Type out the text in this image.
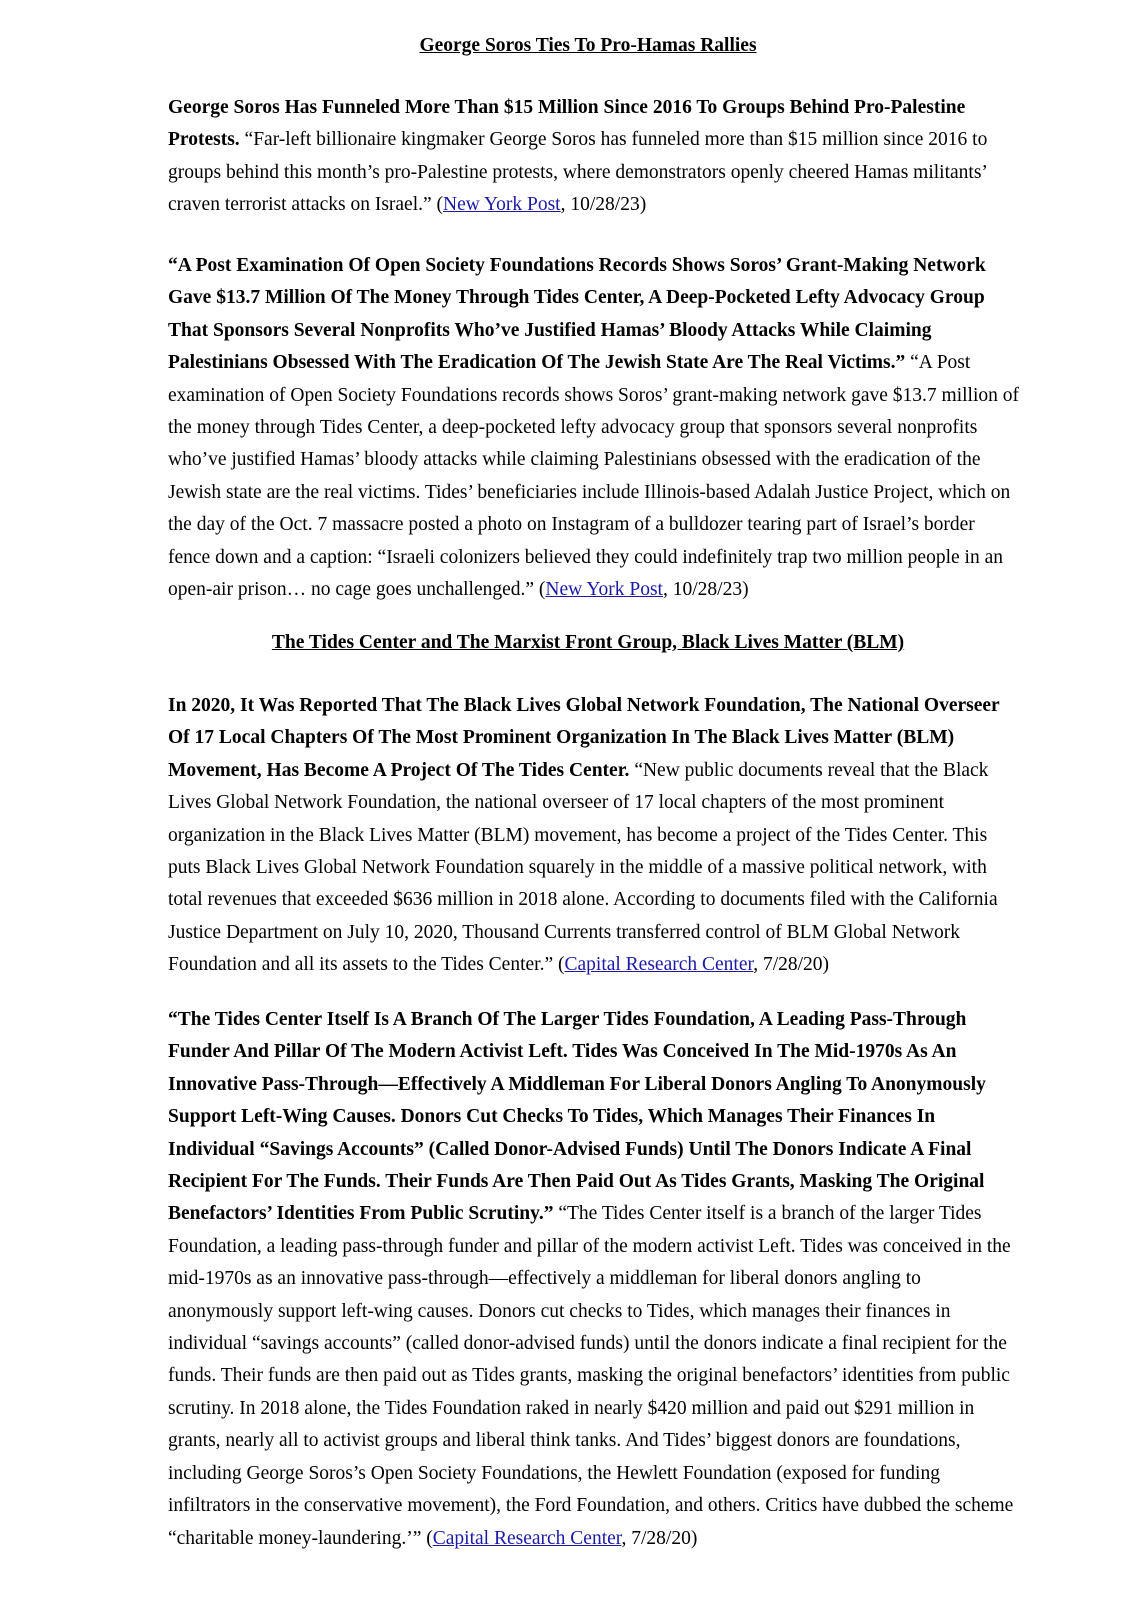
George Soros Ties To Pro-Hamas Rallies

George Soros Has Funneled More Than $15 Million Since 2016 To Groups Behind Pro-Palestine Protests. “Far-left billionaire kingmaker George Soros has funneled more than $15 million since 2016 to groups behind this month’s pro-Palestine protests, where demonstrators openly cheered Hamas militants’ craven terrorist attacks on Israel.” (New York Post, 10/28/23)

“A Post Examination Of Open Society Foundations Records Shows Soros’ Grant-Making Network Gave $13.7 Million Of The Money Through Tides Center, A Deep-Pocketed Lefty Advocacy Group That Sponsors Several Nonprofits Who’ve Justified Hamas’ Bloody Attacks While Claiming Palestinians Obsessed With The Eradication Of The Jewish State Are The Real Victims.” “A Post examination of Open Society Foundations records shows Soros’ grant-making network gave $13.7 million of the money through Tides Center, a deep-pocketed lefty advocacy group that sponsors several nonprofits who’ve justified Hamas’ bloody attacks while claiming Palestinians obsessed with the eradication of the Jewish state are the real victims. Tides’ beneficiaries include Illinois-based Adalah Justice Project, which on the day of the Oct. 7 massacre posted a photo on Instagram of a bulldozer tearing part of Israel’s border fence down and a caption: “Israeli colonizers believed they could indefinitely trap two million people in an open-air prison… no cage goes unchallenged.” (New York Post, 10/28/23)

The Tides Center and The Marxist Front Group, Black Lives Matter (BLM)

In 2020, It Was Reported That The Black Lives Global Network Foundation, The National Overseer Of 17 Local Chapters Of The Most Prominent Organization In The Black Lives Matter (BLM) Movement, Has Become A Project Of The Tides Center. “New public documents reveal that the Black Lives Global Network Foundation, the national overseer of 17 local chapters of the most prominent organization in the Black Lives Matter (BLM) movement, has become a project of the Tides Center. This puts Black Lives Global Network Foundation squarely in the middle of a massive political network, with total revenues that exceeded $636 million in 2018 alone. According to documents filed with the California Justice Department on July 10, 2020, Thousand Currents transferred control of BLM Global Network Foundation and all its assets to the Tides Center.” (Capital Research Center, 7/28/20)

“The Tides Center Itself Is A Branch Of The Larger Tides Foundation, A Leading Pass-Through Funder And Pillar Of The Modern Activist Left. Tides Was Conceived In The Mid-1970s As An Innovative Pass-Through—Effectively A Middleman For Liberal Donors Angling To Anonymously Support Left-Wing Causes. Donors Cut Checks To Tides, Which Manages Their Finances In Individual “Savings Accounts” (Called Donor-Advised Funds) Until The Donors Indicate A Final Recipient For The Funds. Their Funds Are Then Paid Out As Tides Grants, Masking The Original Benefactors’ Identities From Public Scrutiny.” “The Tides Center itself is a branch of the larger Tides Foundation, a leading pass-through funder and pillar of the modern activist Left. Tides was conceived in the mid-1970s as an innovative pass-through—effectively a middleman for liberal donors angling to anonymously support left-wing causes. Donors cut checks to Tides, which manages their finances in individual “savings accounts” (called donor-advised funds) until the donors indicate a final recipient for the funds. Their funds are then paid out as Tides grants, masking the original benefactors’ identities from public scrutiny. In 2018 alone, the Tides Foundation raked in nearly $420 million and paid out $291 million in grants, nearly all to activist groups and liberal think tanks. And Tides’ biggest donors are foundations, including George Soros’s Open Society Foundations, the Hewlett Foundation (exposed for funding infiltrators in the conservative movement), the Ford Foundation, and others. Critics have dubbed the scheme “charitable money-laundering.’” (Capital Research Center, 7/28/20)
